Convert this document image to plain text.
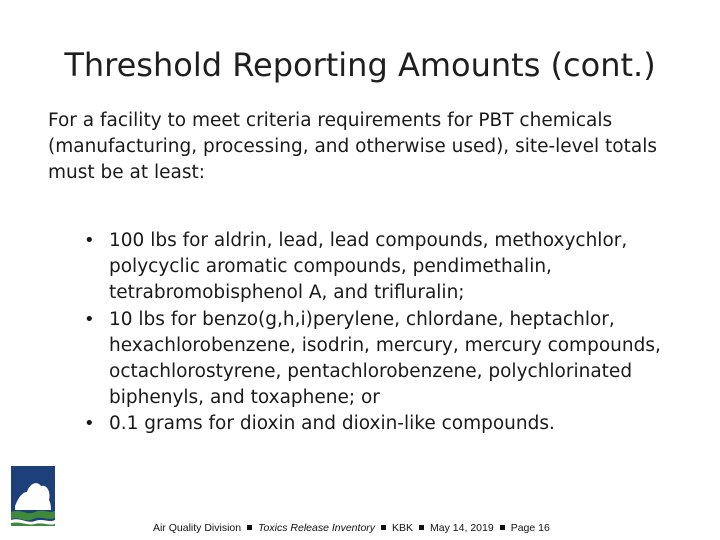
Threshold Reporting Amounts (cont.)
For a facility to meet criteria requirements for PBT chemicals (manufacturing, processing, and otherwise used), site-level totals must be at least:
• 100 lbs for aldrin, lead, lead compounds, methoxychlor, polycyclic aromatic compounds, pendimethalin, tetrabromobisphenol A, and trifluralin;
• 10 lbs for benzo(g,h,i)perylene, chlordane, heptachlor, hexachlorobenzene, isodrin, mercury, mercury compounds, octachlorostyrene, pentachlorobenzene, polychlorinated biphenyls, and toxaphene; or
• 0.1 grams for dioxin and dioxin-like compounds.
Air Quality Division Toxics Release Inventory KBK May 14, 2019 Page 16
